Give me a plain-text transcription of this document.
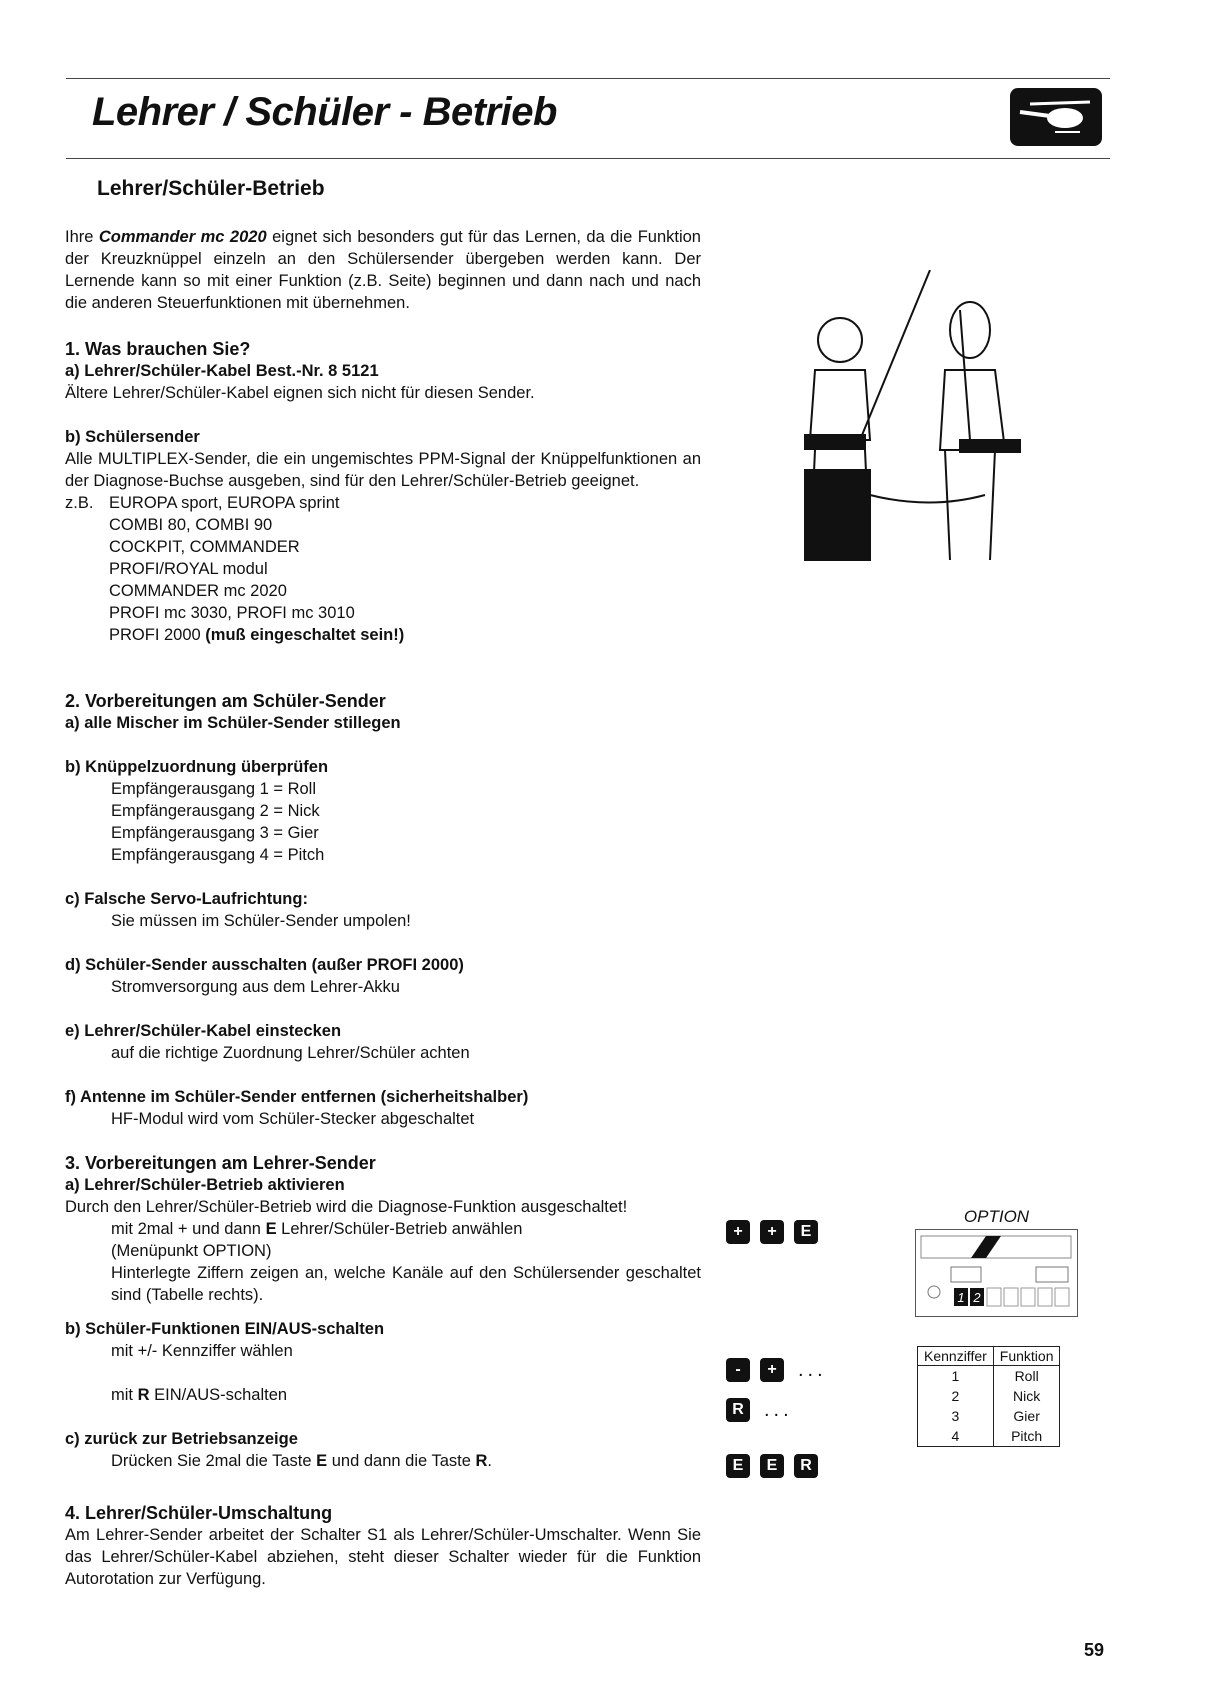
Lehrer / Schüler - Betrieb
Lehrer/Schüler-Betrieb
Ihre Commander mc 2020 eignet sich besonders gut für das Lernen, da die Funktion der Kreuzknüppel einzeln an den Schülersender übergeben werden kann. Der Lernende kann so mit einer Funktion (z.B. Seite) beginnen und dann nach und nach die anderen Steuerfunktionen mit übernehmen.
1. Was brauchen Sie?
a) Lehrer/Schüler-Kabel Best.-Nr. 8 5121
Ältere Lehrer/Schüler-Kabel eignen sich nicht für diesen Sender.
b) Schülersender
Alle MULTIPLEX-Sender, die ein ungemischtes PPM-Signal der Knüppelfunktionen an der Diagnose-Buchse ausgeben, sind für den Lehrer/Schüler-Betrieb geeignet.
z.B. EUROPA sport, EUROPA sprint
COMBI 80, COMBI 90
COCKPIT, COMMANDER
PROFI/ROYAL modul
COMMANDER mc 2020
PROFI mc 3030, PROFI mc 3010
PROFI 2000 (muß eingeschaltet sein!)
2. Vorbereitungen am Schüler-Sender
a) alle Mischer im Schüler-Sender stillegen
b) Knüppelzuordnung überprüfen
Empfängerausgang 1 = Roll
Empfängerausgang 2 = Nick
Empfängerausgang 3 = Gier
Empfängerausgang 4 = Pitch
c) Falsche Servo-Laufrichtung:
Sie müssen im Schüler-Sender umpolen!
d) Schüler-Sender ausschalten (außer PROFI 2000)
Stromversorgung aus dem Lehrer-Akku
e) Lehrer/Schüler-Kabel einstecken
auf die richtige Zuordnung Lehrer/Schüler achten
f) Antenne im Schüler-Sender entfernen (sicherheitshalber)
HF-Modul wird vom Schüler-Stecker abgeschaltet
3. Vorbereitungen am Lehrer-Sender
a) Lehrer/Schüler-Betrieb aktivieren
Durch den Lehrer/Schüler-Betrieb wird die Diagnose-Funktion ausgeschaltet!
mit 2mal + und dann E Lehrer/Schüler-Betrieb anwählen
(Menüpunkt OPTION)
Hinterlegte Ziffern zeigen an, welche Kanäle auf den Schülersender geschaltet sind (Tabelle rechts).
b) Schüler-Funktionen EIN/AUS-schalten
mit +/- Kennziffer wählen
mit R EIN/AUS-schalten
c) zurück zur Betriebsanzeige
Drücken Sie 2mal die Taste E und dann die Taste R.
4. Lehrer/Schüler-Umschaltung
Am Lehrer-Sender arbeitet der Schalter S1 als Lehrer/Schüler-Umschalter. Wenn Sie das Lehrer/Schüler-Kabel abziehen, steht dieser Schalter wieder für die Funktion Autorotation zur Verfügung.
+	+	E
-	+	...
R	...
E	E	R
OPTION
1 2
Kennziffer	Funktion
1	Roll
2	Nick
3	Gier
4	Pitch
59
